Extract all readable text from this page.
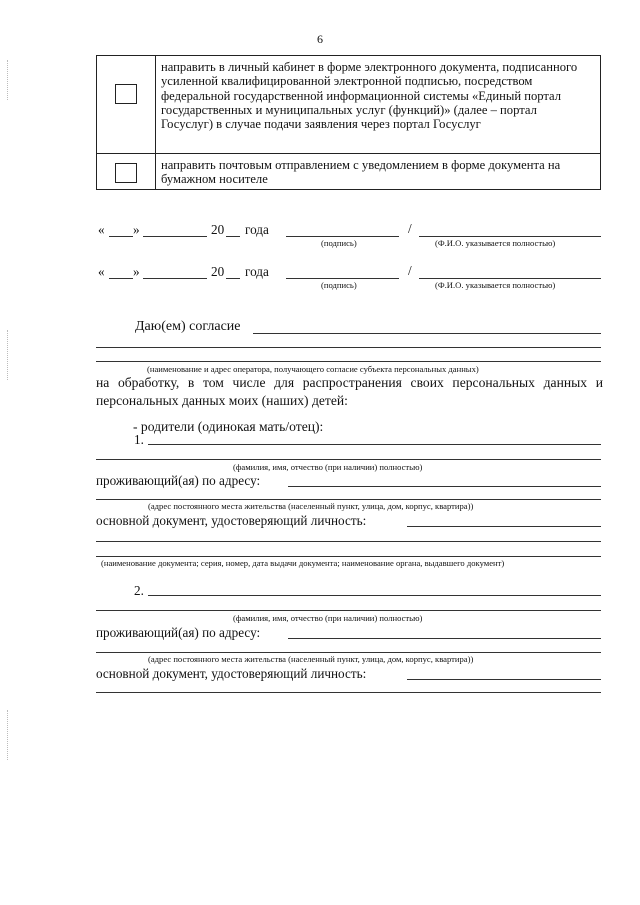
6
направить в личный кабинет в форме электронного документа, подписанного усиленной квалифицированной электронной подписью, посредством федеральной государственной информационной системы «Единый портал государственных и муниципальных услуг (функций)» (далее – портал Госуслуг) в случае подачи заявления через портал Госуслуг
направить почтовым отправлением с уведомлением в форме документа на бумажном носителе
« »	20 года	/
(подпись)	(Ф.И.О. указывается полностью)
« »	20 года	/
(подпись)	(Ф.И.О. указывается полностью)
Даю(ем) согласие
(наименование и адрес оператора, получающего согласие субъекта персональных данных)
на обработку, в том числе для распространения своих персональных данных и персональных данных моих (наших) детей:
- родители (одинокая мать/отец):
1.
(фамилия, имя, отчество (при наличии) полностью)
проживающий(ая) по адресу:
(адрес постоянного места жительства (населенный пункт, улица, дом, корпус, квартира))
основной документ, удостоверяющий личность:
(наименование документа; серия, номер, дата выдачи документа; наименование органа, выдавшего документ)
2.
(фамилия, имя, отчество (при наличии) полностью)
проживающий(ая) по адресу:
(адрес постоянного места жительства (населенный пункт, улица, дом, корпус, квартира))
основной документ, удостоверяющий личность:
